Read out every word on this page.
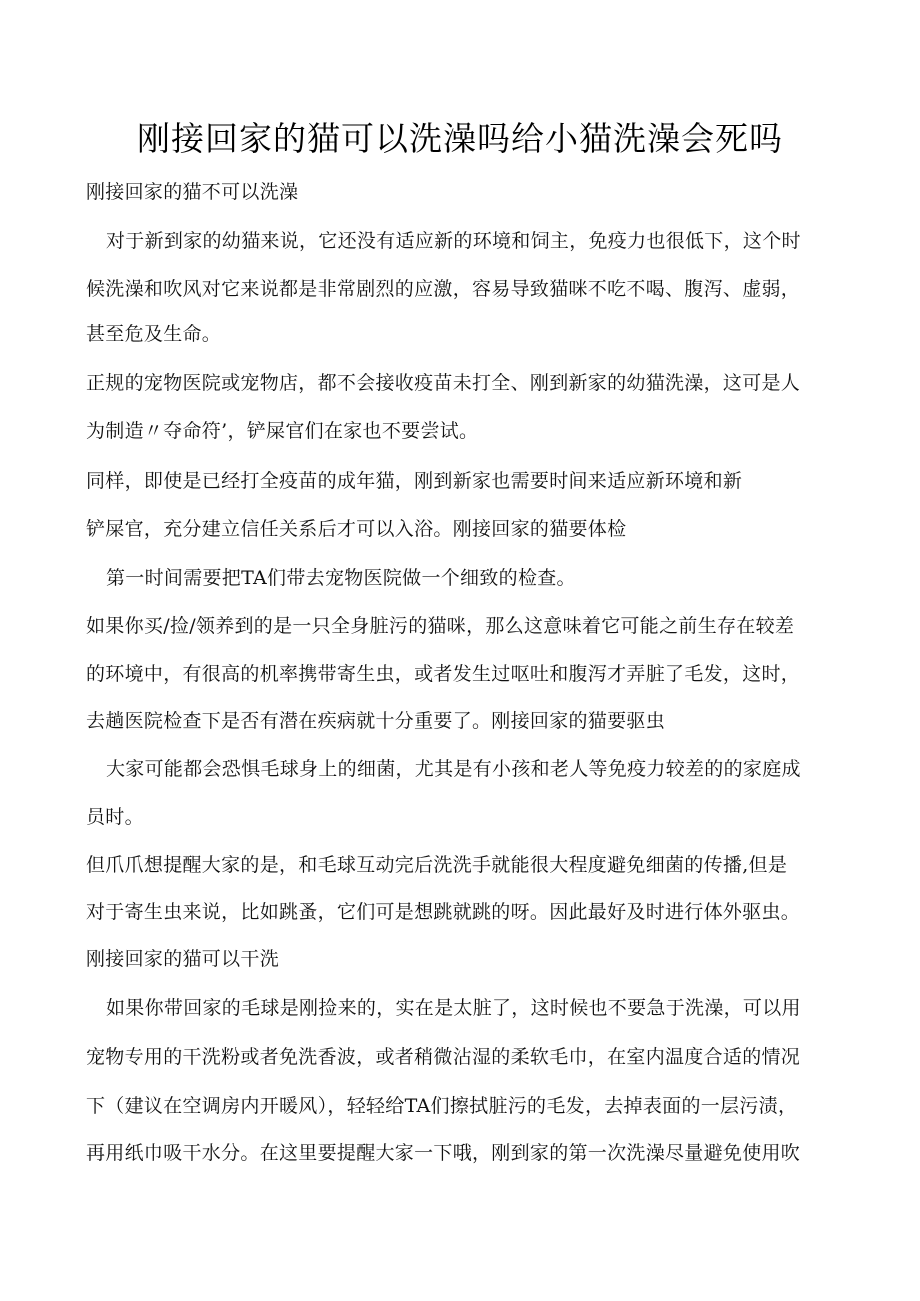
刚接回家的猫可以洗澡吗给小猫洗澡会死吗
刚接回家的猫不可以洗澡
对于新到家的幼猫来说，它还没有适应新的环境和饲主，免疫力也很低下，这个时
候洗澡和吹风对它来说都是非常剧烈的应激，容易导致猫咪不吃不喝、腹泻、虚弱，
甚至危及生命。
正规的宠物医院或宠物店，都不会接收疫苗未打全、刚到新家的幼猫洗澡，这可是人
为制造〃夺命符’，铲屎官们在家也不要尝试。
同样，即使是已经打全疫苗的成年猫，刚到新家也需要时间来适应新环境和新
铲屎官，充分建立信任关系后才可以入浴。刚接回家的猫要体检
第一时间需要把TA们带去宠物医院做一个细致的检查。
如果你买/捡/领养到的是一只全身脏污的猫咪，那么这意味着它可能之前生存在较差
的环境中，有很高的机率携带寄生虫，或者发生过呕吐和腹泻才弄脏了毛发，这时，
去趟医院检查下是否有潜在疾病就十分重要了。刚接回家的猫要驱虫
大家可能都会恐惧毛球身上的细菌，尤其是有小孩和老人等免疫力较差的的家庭成
员时。
但爪爪想提醒大家的是，和毛球互动完后洗洗手就能很大程度避免细菌的传播,但是
对于寄生虫来说，比如跳蚤，它们可是想跳就跳的呀。因此最好及时进行体外驱虫。
刚接回家的猫可以干洗
如果你带回家的毛球是刚捡来的，实在是太脏了，这时候也不要急于洗澡，可以用
宠物专用的干洗粉或者免洗香波，或者稍微沾湿的柔软毛巾，在室内温度合适的情况
下（建议在空调房内开暖风），轻轻给TA们擦拭脏污的毛发，去掉表面的一层污渍，
再用纸巾吸干水分。在这里要提醒大家一下哦，刚到家的第一次洗澡尽量避免使用吹
